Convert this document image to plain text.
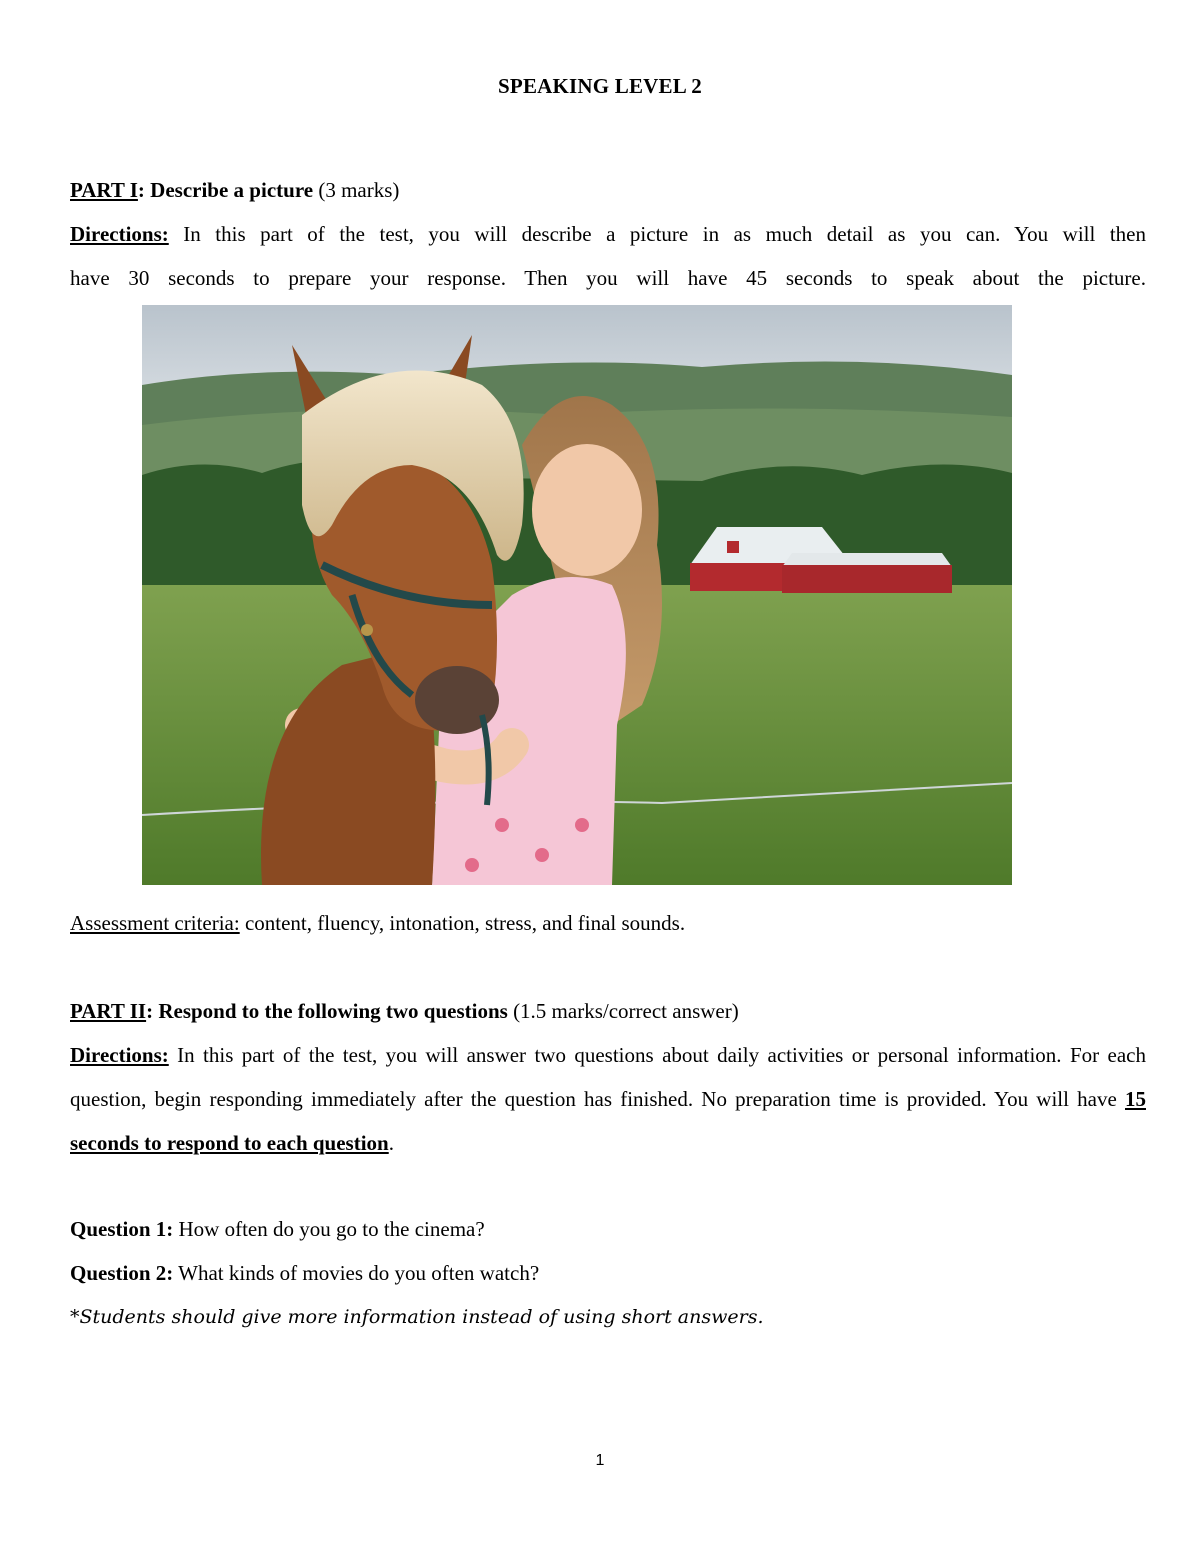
SPEAKING LEVEL 2
PART I: Describe a picture (3 marks)
Directions: In this part of the test, you will describe a picture in as much detail as you can. You will then
have 30 seconds to prepare your response. Then you will have 45 seconds to speak about the picture.
Assessment criteria: content, fluency, intonation, stress, and final sounds.
PART II: Respond to the following two questions (1.5 marks/correct answer)
Directions: In this part of the test, you will answer two questions about daily activities or personal information. For each question, begin responding immediately after the question has finished. No preparation time is provided. You will have 15 seconds to respond to each question.
Question 1: How often do you go to the cinema?
Question 2: What kinds of movies do you often watch?
*Students should give more information instead of using short answers.
1
